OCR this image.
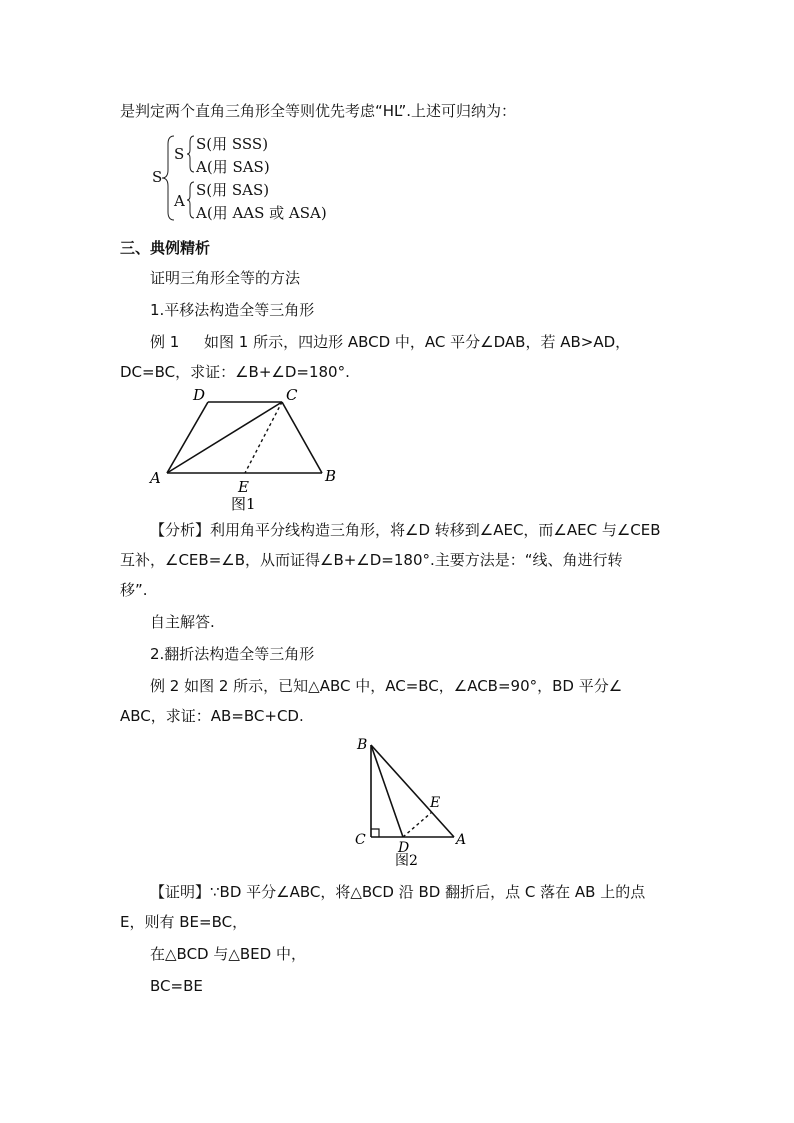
是判定两个直角三角形全等则优先考虑“HL”.上述可归纳为：
S
S
S(用 SSS)
A(用 SAS)
A
S(用 SAS)
A(用 AAS 或 ASA)
三、典例精析
证明三角形全等的方法
1.平移法构造全等三角形
例 1 如图 1 所示，四边形 ABCD 中，AC 平分∠DAB，若 AB>AD，
DC=BC，求证：∠B+∠D=180°.
A	B
C
D
E
图1
【分析】利用角平分线构造三角形，将∠D 转移到∠AEC，而∠AEC 与∠CEB
互补，∠CEB=∠B，从而证得∠B+∠D=180°.主要方法是：“线、角进行转
移”.
自主解答.
2.翻折法构造全等三角形
例 2 如图 2 所示，已知△ABC 中，AC=BC，∠ACB=90°，BD 平分∠
ABC，求证：AB=BC+CD.
B
C D	A
E
图2
【证明】∵BD 平分∠ABC，将△BCD 沿 BD 翻折后，点 C 落在 AB 上的点
E，则有 BE=BC，
在△BCD 与△BED 中，
BC=BE
